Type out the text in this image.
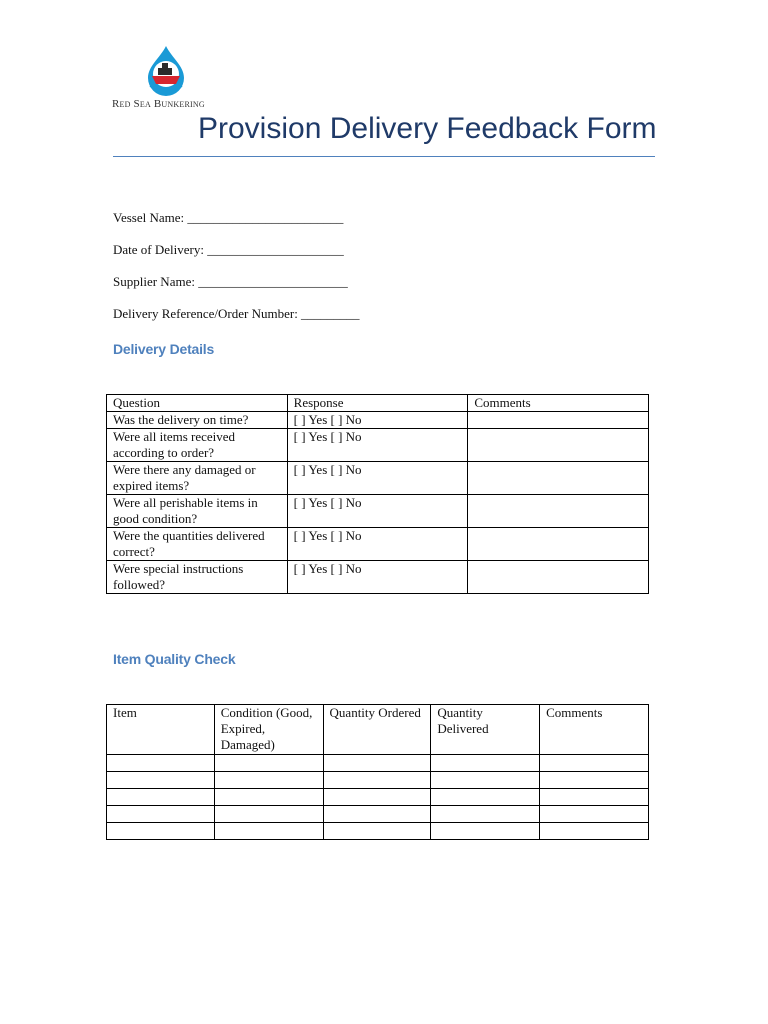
Red Sea Bunkering
Provision Delivery Feedback Form
Vessel Name: ________________________
Date of Delivery: _____________________
Supplier Name: _______________________
Delivery Reference/Order Number: _________
Delivery Details
Question	Response	Comments
Was the delivery on time?	[ ] Yes [ ] No	
Were all items received according to order?	[ ] Yes [ ] No	
Were there any damaged or expired items?	[ ] Yes [ ] No	
Were all perishable items in good condition?	[ ] Yes [ ] No	
Were the quantities delivered correct?	[ ] Yes [ ] No	
Were special instructions followed?	[ ] Yes [ ] No	
Item Quality Check
Item	Condition (Good, Expired, Damaged)	Quantity Ordered	Quantity Delivered	Comments
